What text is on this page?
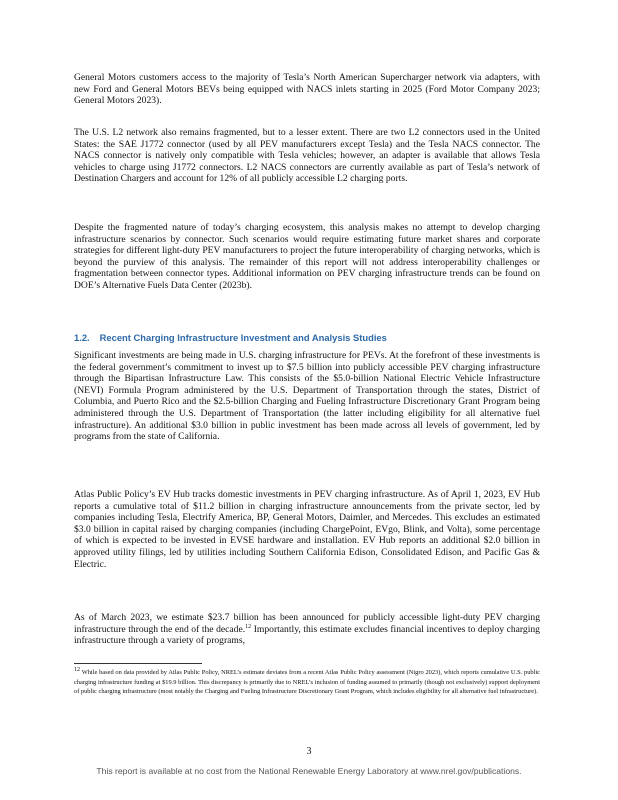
General Motors customers access to the majority of Tesla’s North American Supercharger network via adapters, with new Ford and General Motors BEVs being equipped with NACS inlets starting in 2025 (Ford Motor Company 2023; General Motors 2023).

The U.S. L2 network also remains fragmented, but to a lesser extent. There are two L2 connectors used in the United States: the SAE J1772 connector (used by all PEV manufacturers except Tesla) and the Tesla NACS connector. The NACS connector is natively only compatible with Tesla vehicles; however, an adapter is available that allows Tesla vehicles to charge using J1772 connectors. L2 NACS connectors are currently available as part of Tesla’s network of Destination Chargers and account for 12% of all publicly accessible L2 charging ports.

Despite the fragmented nature of today’s charging ecosystem, this analysis makes no attempt to develop charging infrastructure scenarios by connector. Such scenarios would require estimating future market shares and corporate strategies for different light-duty PEV manufacturers to project the future interoperability of charging networks, which is beyond the purview of this analysis. The remainder of this report will not address interoperability challenges or fragmentation between connector types. Additional information on PEV charging infrastructure trends can be found on DOE’s Alternative Fuels Data Center (2023b).

1.2. Recent Charging Infrastructure Investment and Analysis Studies

Significant investments are being made in U.S. charging infrastructure for PEVs. At the forefront of these investments is the federal government’s commitment to invest up to $7.5 billion into publicly accessible PEV charging infrastructure through the Bipartisan Infrastructure Law. This consists of the $5.0-billion National Electric Vehicle Infrastructure (NEVI) Formula Program administered by the U.S. Department of Transportation through the states, District of Columbia, and Puerto Rico and the $2.5-billion Charging and Fueling Infrastructure Discretionary Grant Program being administered through the U.S. Department of Transportation (the latter including eligibility for all alternative fuel infrastructure). An additional $3.0 billion in public investment has been made across all levels of government, led by programs from the state of California.

Atlas Public Policy’s EV Hub tracks domestic investments in PEV charging infrastructure. As of April 1, 2023, EV Hub reports a cumulative total of $11.2 billion in charging infrastructure announcements from the private sector, led by companies including Tesla, Electrify America, BP, General Motors, Daimler, and Mercedes. This excludes an estimated $3.0 billion in capital raised by charging companies (including ChargePoint, EVgo, Blink, and Volta), some percentage of which is expected to be invested in EVSE hardware and installation. EV Hub reports an additional $2.0 billion in approved utility filings, led by utilities including Southern California Edison, Consolidated Edison, and Pacific Gas & Electric.

As of March 2023, we estimate $23.7 billion has been announced for publicly accessible light-duty PEV charging infrastructure through the end of the decade.$^{12}$ Importantly, this estimate excludes financial incentives to deploy charging infrastructure through a variety of programs,

$^{12}$ While based on data provided by Atlas Public Policy, NREL’s estimate deviates from a recent Atlas Public Policy assessment (Nigro 2023), which reports cumulative U.S. public charging infrastructure funding at $19.9 billion. This discrepancy is primarily due to NREL’s inclusion of funding assumed to primarily (though not exclusively) support deployment of public charging infrastructure (most notably the Charging and Fueling Infrastructure Discretionary Grant Program, which includes eligibility for all alternative fuel infrastructure).

3
This report is available at no cost from the National Renewable Energy Laboratory at www.nrel.gov/publications.
